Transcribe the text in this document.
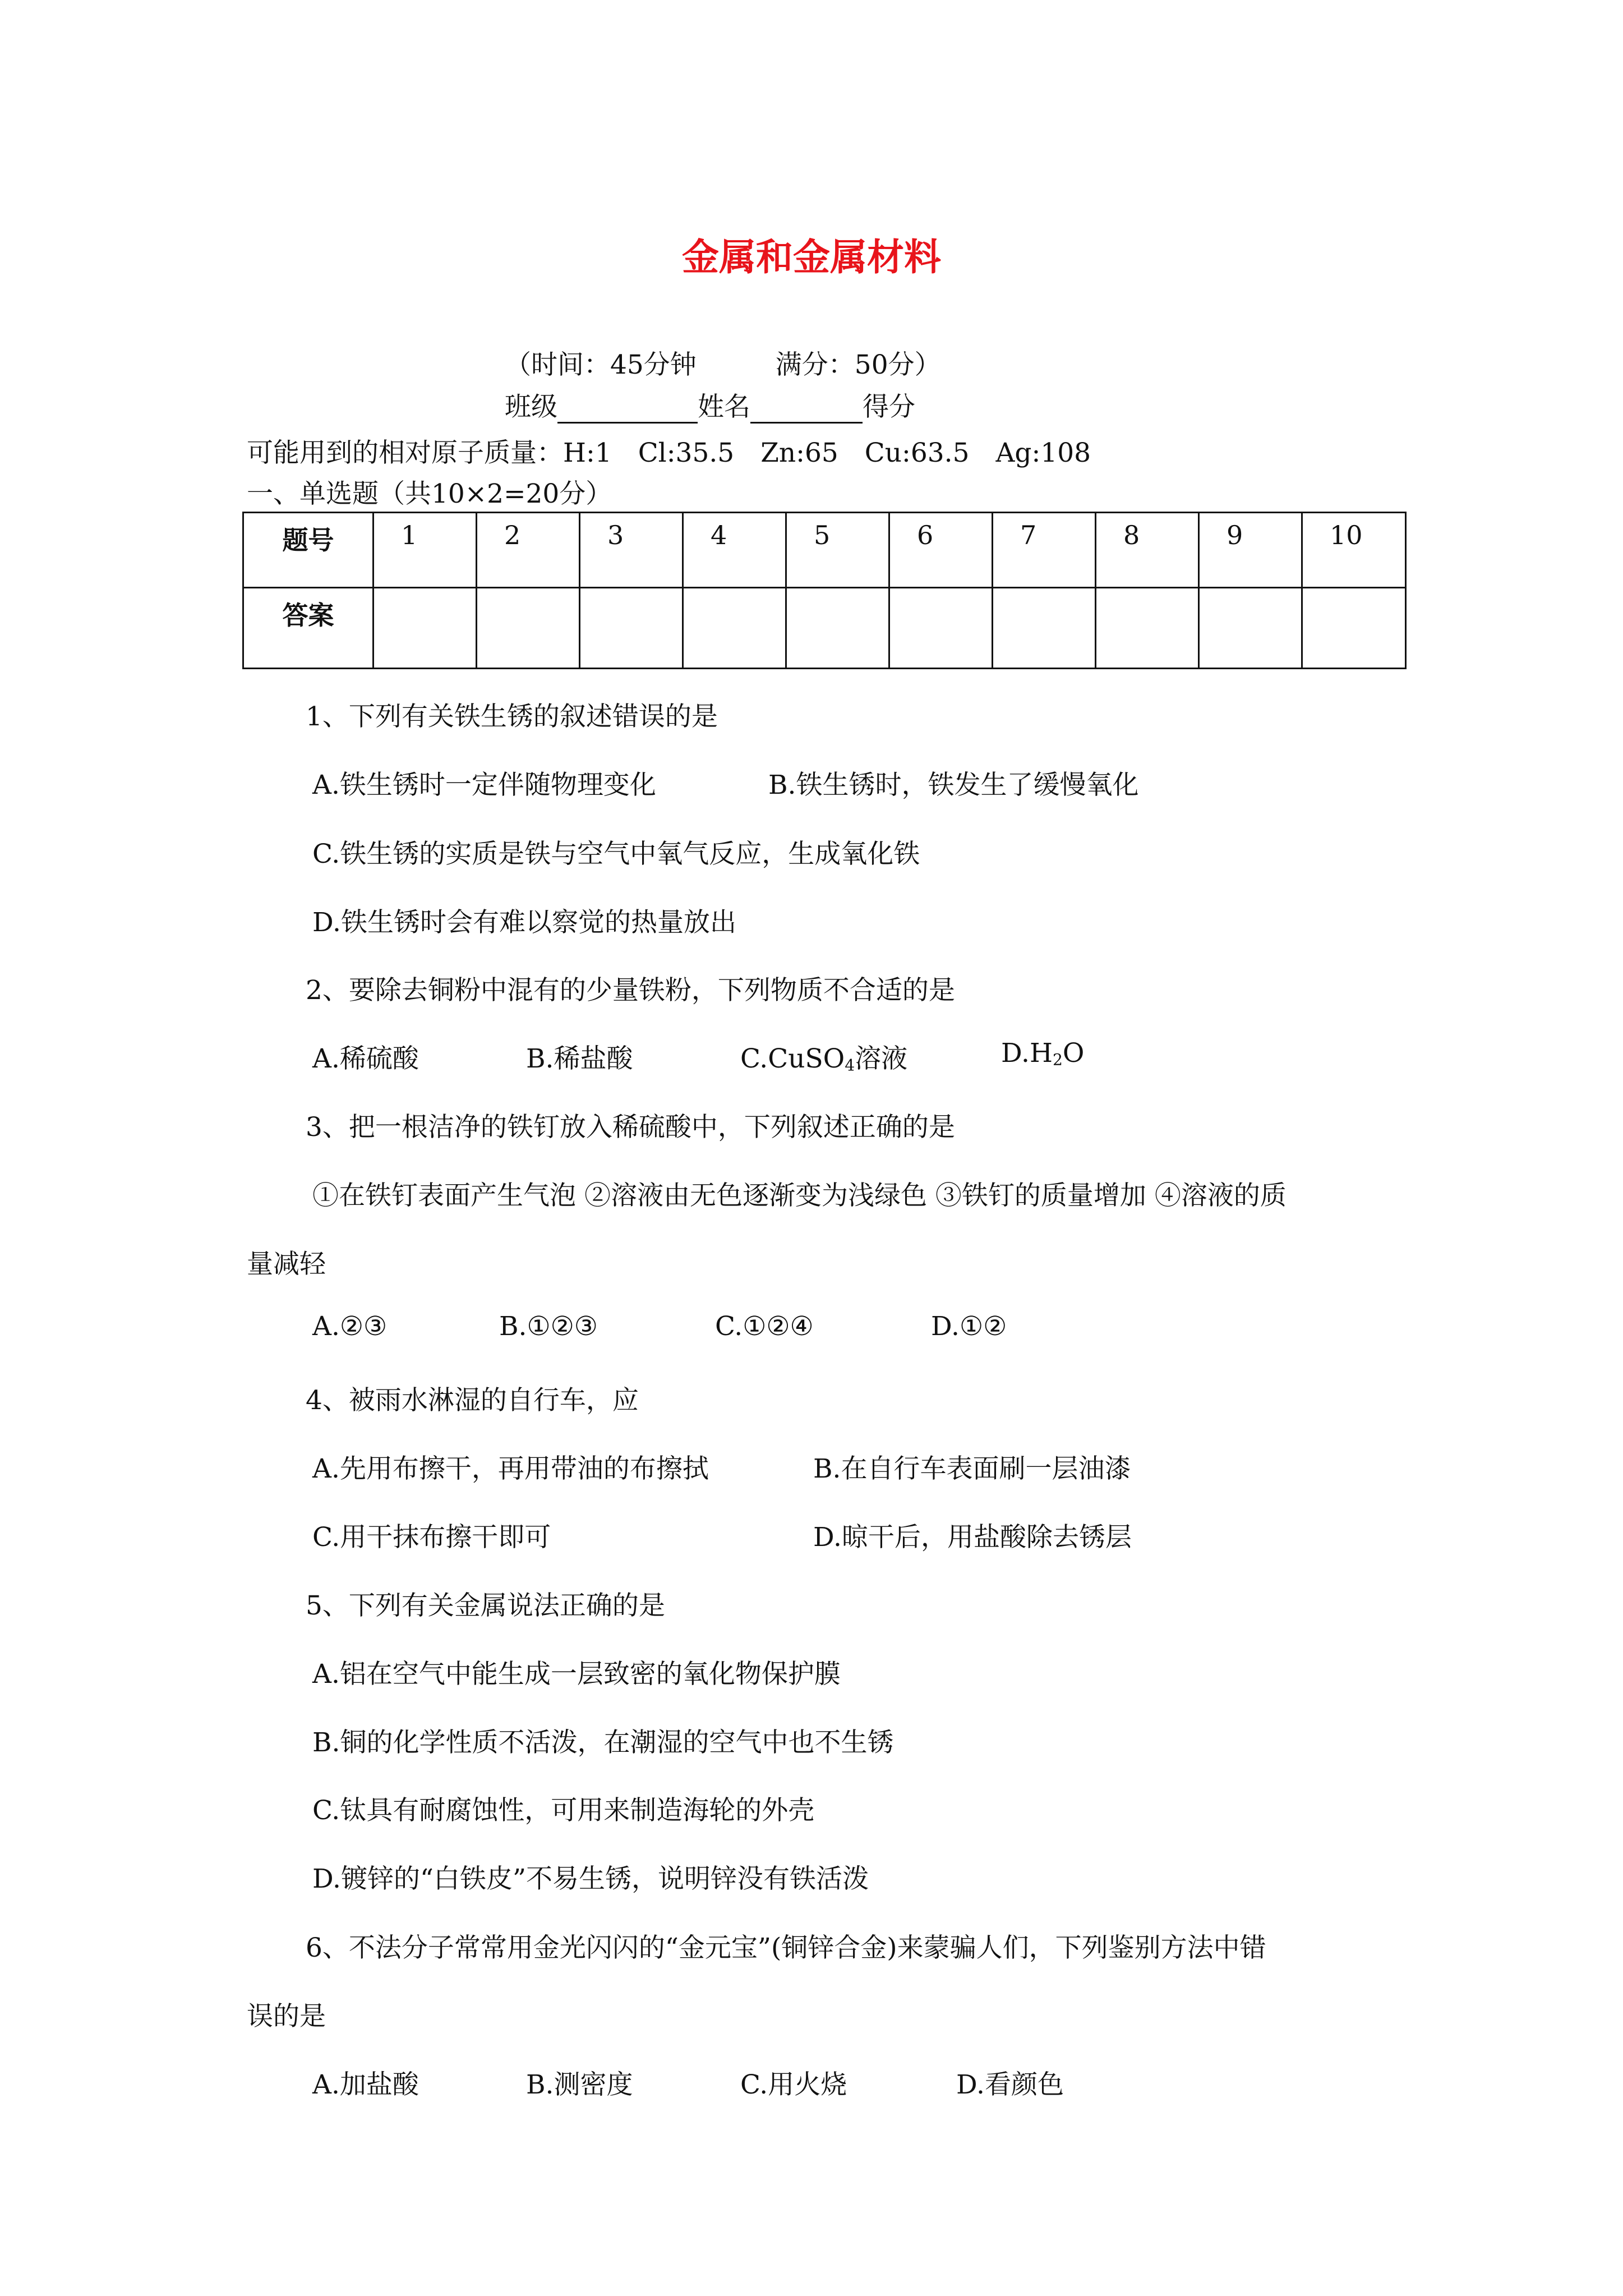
金属和金属材料
（时间：45分钟　　　满分：50分）
班级	姓名	得分
可能用到的相对原子质量：H:1　Cl:35.5　Zn:65　Cu:63.5　Ag:108
一、单选题（共10×2=20分）
题号	1	2	3	4	5	6	7	8	9	10
答案										
1、下列有关铁生锈的叙述错误的是
A.铁生锈时一定伴随物理变化	B.铁生锈时，铁发生了缓慢氧化
C.铁生锈的实质是铁与空气中氧气反应，生成氧化铁
D.铁生锈时会有难以察觉的热量放出
2、要除去铜粉中混有的少量铁粉，下列物质不合适的是
A.稀硫酸	B.稀盐酸	C.CuSO$_4$溶液	$D.H_2O$
3、把一根洁净的铁钉放入稀硫酸中，下列叙述正确的是
①在铁钉表面产生气泡 ②溶液由无色逐渐变为浅绿色 ③铁钉的质量增加 ④溶液的质
量减轻
A.②③	B.①②③	C.①②④	D.①②
4、被雨水淋湿的自行车，应
A.先用布擦干，再用带油的布擦拭	B.在自行车表面刷一层油漆
C.用干抹布擦干即可	D.晾干后，用盐酸除去锈层
5、下列有关金属说法正确的是
A.铝在空气中能生成一层致密的氧化物保护膜
B.铜的化学性质不活泼，在潮湿的空气中也不生锈
C.钛具有耐腐蚀性，可用来制造海轮的外壳
D.镀锌的“白铁皮”不易生锈，说明锌没有铁活泼
6、不法分子常常用金光闪闪的“金元宝”(铜锌合金)来蒙骗人们，下列鉴别方法中错
误的是
A.加盐酸	B.测密度	C.用火烧	D.看颜色
